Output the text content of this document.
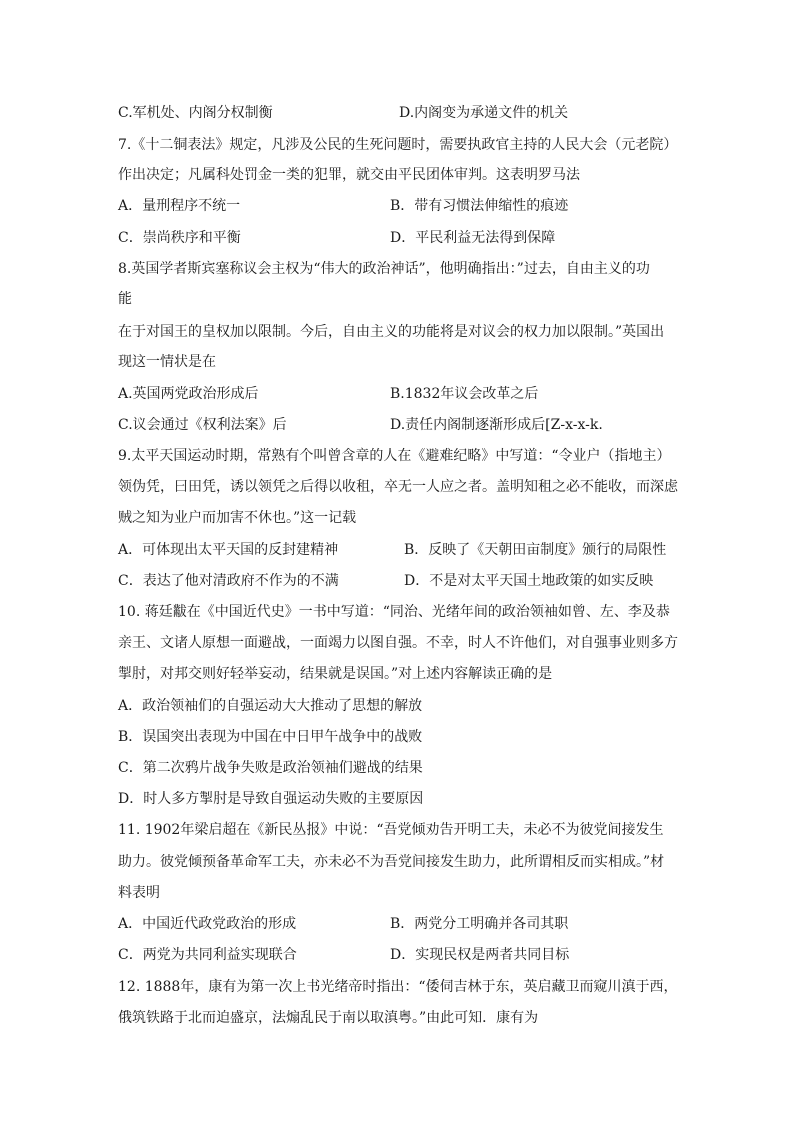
C.军机处、内阁分权制衡	D.内阁变为承递文件的机关
7.《十二铜表法》规定，凡涉及公民的生死问题时，需要执政官主持的人民大会（元老院）
作出决定；凡属科处罚金一类的犯罪，就交由平民团体审判。这表明罗马法
A．量刑程序不统一	B．带有习惯法伸缩性的痕迹
C．崇尚秩序和平衡	D．平民利益无法得到保障
8.英国学者斯宾塞称议会主权为“伟大的政治神话”，他明确指出：”过去，自由主义的功
能
在于对国王的皇权加以限制。今后，自由主义的功能将是对议会的权力加以限制。”英国出
现这一情状是在
A.英国两党政治形成后	B.1832年议会改革之后
C.议会通过《权利法案》后	D.责任内阁制逐渐形成后[Z-x-x-k.
9.太平天国运动时期，常熟有个叫曾含章的人在《避难纪略》中写道：“令业户（指地主）
领伪凭，曰田凭，诱以领凭之后得以收租，卒无一人应之者。盖明知租之必不能收，而深虑
贼之知为业户而加害不休也。”这一记载
A．可体现出太平天国的反封建精神	B．反映了《天朝田亩制度》颁行的局限性
C．表达了他对清政府不作为的不满	D．不是对太平天国土地政策的如实反映
10. 蒋廷黻在《中国近代史》一书中写道：“同治、光绪年间的政治领袖如曾、左、李及恭
亲王、文诸人原想一面避战，一面竭力以图自强。不幸，时人不许他们，对自强事业则多方
掣肘，对邦交则好轻举妄动，结果就是误国。”对上述内容解读正确的是
A．政治领袖们的自强运动大大推动了思想的解放
B．误国突出表现为中国在中日甲午战争中的战败
C．第二次鸦片战争失败是政治领袖们避战的结果
D．时人多方掣肘是导致自强运动失败的主要原因
11. 1902年梁启超在《新民丛报》中说：“吾党倾劝告开明工夫，未必不为彼党间接发生
助力。彼党倾预备革命军工夫，亦未必不为吾党间接发生助力，此所谓相反而实相成。”材
料表明
A．中国近代政党政治的形成	B．两党分工明确并各司其职
C．两党为共同利益实现联合	D．实现民权是两者共同目标
12. 1888年，康有为第一次上书光绪帝时指出：“倭伺吉林于东，英启藏卫而窥川滇于西，
俄筑铁路于北而迫盛京，法煽乱民于南以取滇粤。”由此可知．康有为
